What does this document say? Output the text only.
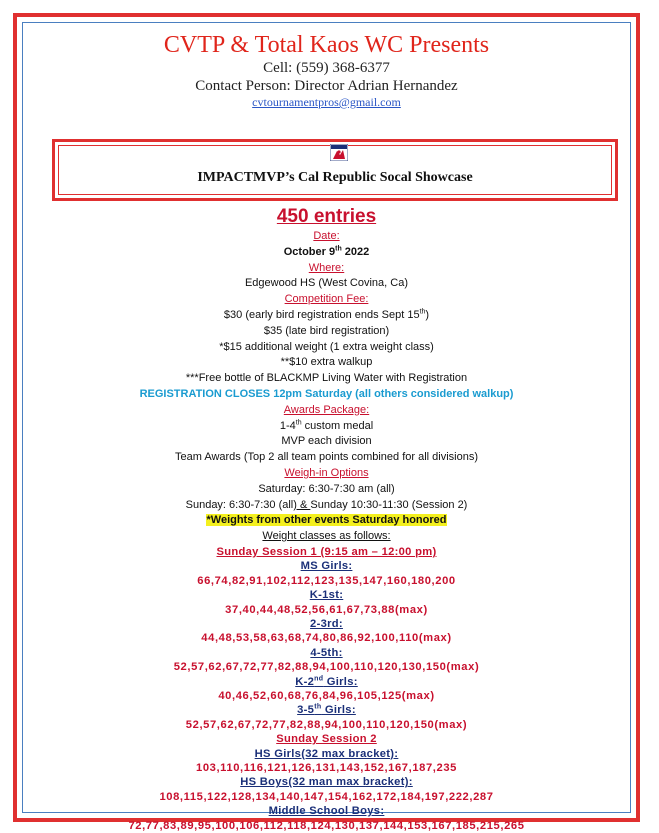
CVTP & Total Kaos WC Presents
Cell: (559) 368-6377
Contact Person: Director Adrian Hernandez
cvtournamentpros@gmail.com
IMPACTMVP’s Cal Republic Socal Showcase
450 entries
Date:
October 9th 2022
Where:
Edgewood HS (West Covina, Ca)
Competition Fee:
$30 (early bird registration ends Sept 15th)
$35 (late bird registration)
*$15 additional weight (1 extra weight class)
**$10 extra walkup
***Free bottle of BLACKMP Living Water with Registration
REGISTRATION CLOSES 12pm Saturday (all others considered walkup)
Awards Package:
1-4th custom medal
MVP each division
Team Awards (Top 2 all team points combined for all divisions)
Weigh-in Options
Saturday: 6:30-7:30 am (all)
Sunday: 6:30-7:30 (all) & Sunday 10:30-11:30 (Session 2)
*Weights from other events Saturday honored
Weight classes as follows:
Sunday Session 1 (9:15 am – 12:00 pm)
MS Girls:
66,74,82,91,102,112,123,135,147,160,180,200
K-1st:
37,40,44,48,52,56,61,67,73,88(max)
2-3rd:
44,48,53,58,63,68,74,80,86,92,100,110(max)
4-5th:
52,57,62,67,72,77,82,88,94,100,110,120,130,150(max)
K-2nd Girls:
40,46,52,60,68,76,84,96,105,125(max)
3-5th Girls:
52,57,62,67,72,77,82,88,94,100,110,120,150(max)
Sunday Session 2
HS Girls(32 max bracket):
103,110,116,121,126,131,143,152,167,187,235
HS Boys(32 man max bracket):
108,115,122,128,134,140,147,154,162,172,184,197,222,287
Middle School Boys:
72,77,83,89,95,100,106,112,118,124,130,137,144,153,167,185,215,265
